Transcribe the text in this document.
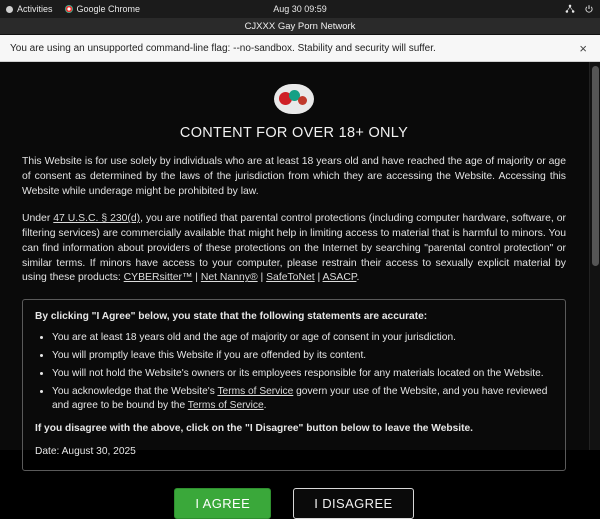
Activities	Google Chrome	Aug 30 09:59
CJXXX Gay Porn Network
You are using an unsupported command-line flag: --no-sandbox. Stability and security will suffer.	×
CONTENT FOR OVER 18+ ONLY

This Website is for use solely by individuals who are at least 18 years old and have reached the age of majority or age of consent as determined by the laws of the jurisdiction from which they are accessing the Website. Accessing this Website while underage might be prohibited by law.

Under 47 U.S.C. § 230(d), you are notified that parental control protections (including computer hardware, software, or filtering services) are commercially available that might help in limiting access to material that is harmful to minors. You can find information about providers of these protections on the Internet by searching "parental control protection" or similar terms. If minors have access to your computer, please restrain their access to sexually explicit material by using these products: CYBERsitter™ | Net Nanny® | SafeToNet | ASACP.

By clicking "I Agree" below, you state that the following statements are accurate:

• You are at least 18 years old and the age of majority or age of consent in your jurisdiction.
• You will promptly leave this Website if you are offended by its content.
• You will not hold the Website's owners or its employees responsible for any materials located on the Website.
• You acknowledge that the Website's Terms of Service govern your use of the Website, and you have reviewed and agree to be bound by the Terms of Service.

If you disagree with the above, click on the "I Disagree" button below to leave the Website.

Date: August 30, 2025

I AGREE	I DISAGREE
